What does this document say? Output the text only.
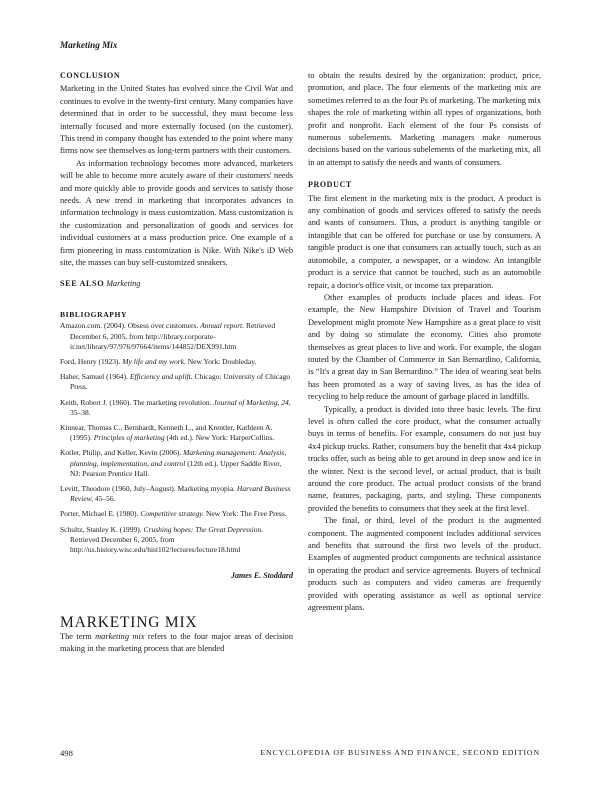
Marketing Mix
CONCLUSION

Marketing in the United States has evolved since the Civil War and continues to evolve in the twenty-first century. Many companies have determined that in order to be successful, they must become less internally focused and more externally focused (on the customer). This trend in company thought has extended to the point where many firms now see themselves as long-term partners with their customers.

As information technology becomes more advanced, marketers will be able to become more acutely aware of their customers' needs and more quickly able to provide goods and services to satisfy those needs. A new trend in marketing that incorporates advances in information technology is mass customization. Mass customization is the customization and personalization of goods and services for individual customers at a mass production price. One example of a firm pioneering in mass customization is Nike. With Nike's iD Web site, the masses can buy self-customized sneakers.

SEE ALSO Marketing
BIBLIOGRAPHY
Amazon.com. (2004). Obsess over customers. Annual report. Retrieved December 6, 2005, from http://library.corporate-ir.net/library/97/976/97664/items/144852/DEX991.htm
Ford, Henry (1923). My life and my work. New York: Doubleday.
Haber, Samuel (1964). Efficiency and uplift. Chicago: University of Chicago Press.
Keith, Robert J. (1960). The marketing revolution. Journal of Marketing, 24, 35–38.
Kinnear, Thomas C., Bernhardt, Kenneth L., and Krentler, Kathleen A. (1995). Principles of marketing (4th ed.). New York: HarperCollins.
Kotler, Philip, and Keller, Kevin (2006). Marketing management: Analysis, planning, implementation, and control (12th ed.). Upper Saddle River, NJ: Pearson Prentice Hall.
Levitt, Theodore (1960, July–August). Marketing myopia. Harvard Business Review, 45–56.
Porter, Michael E. (1980). Competitive strategy. New York: The Free Press.
Schultz, Stanley K. (1999). Crushing hopes: The Great Depression. Retrieved December 6, 2005, from http://us.history.wisc.edu/hist102/lectures/lecture18.html
James E. Stoddard
MARKETING MIX

The term marketing mix refers to the four major areas of decision making in the marketing process that are blended

to obtain the results desired by the organization: product, price, promotion, and place. The four elements of the marketing mix are sometimes referred to as the four Ps of marketing. The marketing mix shapes the role of marketing within all types of organizations, both profit and nonprofit. Each element of the four Ps consists of numerous subelements. Marketing managers make numerous decisions based on the various subelements of the marketing mix, all in an attempt to satisfy the needs and wants of consumers.

PRODUCT

The first element in the marketing mix is the product. A product is any combination of goods and services offered to satisfy the needs and wants of consumers. Thus, a product is anything tangible or intangible that can be offered for purchase or use by consumers. A tangible product is one that consumers can actually touch, such as an automobile, a computer, a newspaper, or a window. An intangible product is a service that cannot be touched, such as an automobile repair, a doctor's office visit, or income tax preparation.

Other examples of products include places and ideas. For example, the New Hampshire Division of Travel and Tourism Development might promote New Hampshire as a great place to visit and by doing so stimulate the economy. Cities also promote themselves as great places to live and work. For example, the slogan touted by the Chamber of Commerce in San Bernardino, California, is “It's a great day in San Bernardino.” The idea of wearing seat belts has been promoted as a way of saving lives, as has the idea of recycling to help reduce the amount of garbage placed in landfills.

Typically, a product is divided into three basic levels. The first level is often called the core product, what the consumer actually buys in terms of benefits. For example, consumers do not just buy 4x4 pickup trucks. Rather, consumers buy the benefit that 4x4 pickup trucks offer, such as being able to get around in deep snow and ice in the winter. Next is the second level, or actual product, that is built around the core product. The actual product consists of the brand name, features, packaging, parts, and styling. These components provided the benefits to consumers that they seek at the first level.

The final, or third, level of the product is the augmented component. The augmented component includes additional services and benefits that surround the first two levels of the product. Examples of augmented product components are technical assistance in operating the product and service agreements. Buyers of technical products such as computers and video cameras are frequently provided with operating assistance as well as optional service agreement plans.

498	ENCYCLOPEDIA OF BUSINESS AND FINANCE, SECOND EDITION
